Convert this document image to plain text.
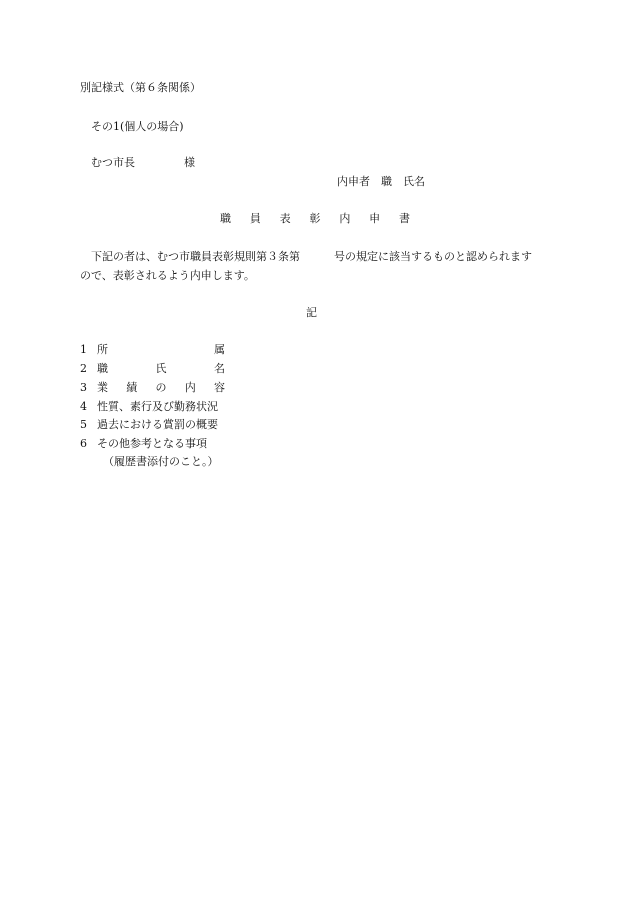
別記様式（第６条関係）
その1(個人の場合)
むつ市長	様
内申者 職　氏名
職 員 表 彰 内 申 書
下記の者は、むつ市職員表彰規則第３条第	号の規定に該当するものと認められます
ので、表彰されるよう内申します。
記
1 所	属
2 職	氏	名
3 業 績 の 内 容
4 性質、素行及び勤務状況
5 過去における賞罰の概要
6 その他参考となる事項
（履歴書添付のこと。）
